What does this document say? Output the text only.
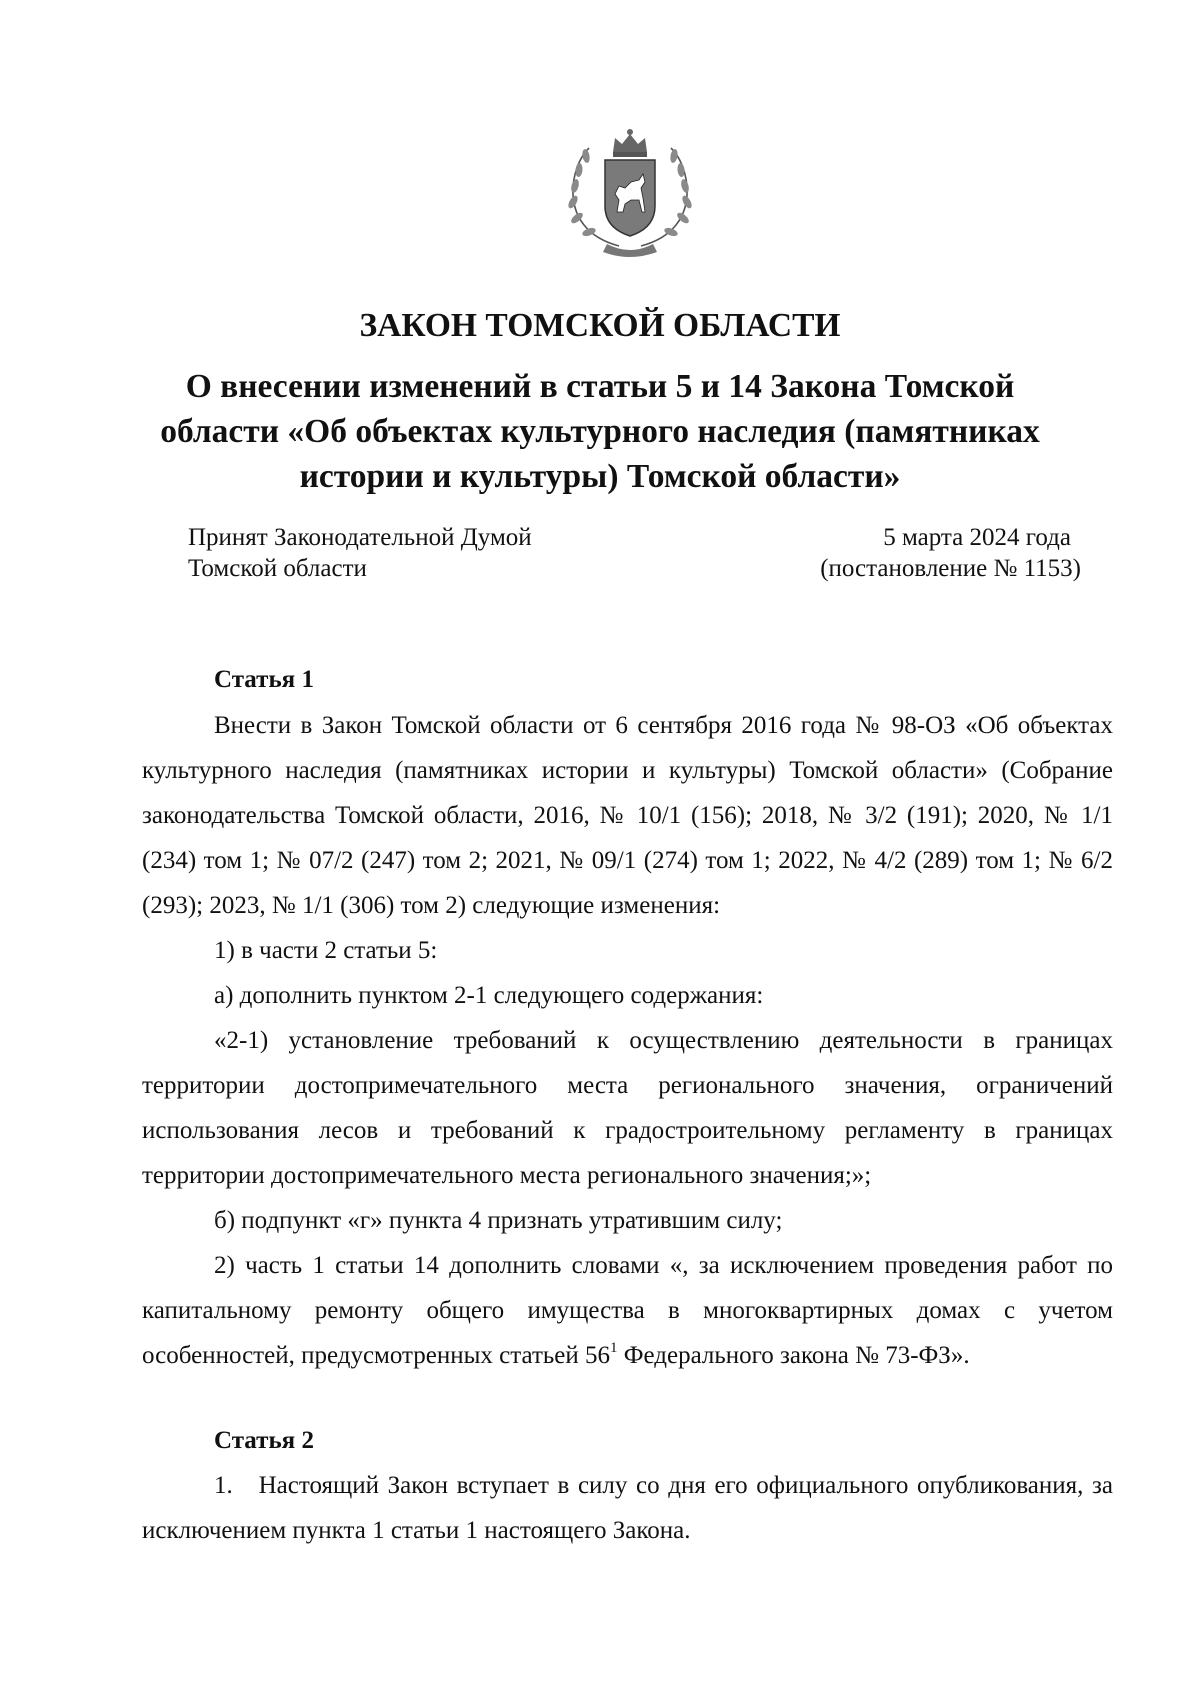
ЗАКОН ТОМСКОЙ ОБЛАСТИ
О внесении изменений в статьи 5 и 14 Закона Томской области «Об объектах культурного наследия (памятниках истории и культуры) Томской области»
Принят Законодательной Думой
Томской области
5 марта 2024 года
(постановление № 1153)
Статья 1

Внести в Закон Томской области от 6 сентября 2016 года № 98-ОЗ «Об объектах культурного наследия (памятниках истории и культуры) Томской области» (Собрание законодательства Томской области, 2016, № 10/1 (156); 2018, № 3/2 (191); 2020, № 1/1 (234) том 1; № 07/2 (247) том 2; 2021, № 09/1 (274) том 1; 2022, № 4/2 (289) том 1; № 6/2 (293); 2023, № 1/1 (306) том 2) следующие изменения:

1) в части 2 статьи 5:

а) дополнить пунктом 2-1 следующего содержания:

«2-1) установление требований к осуществлению деятельности в границах территории достопримечательного места регионального значения, ограничений использования лесов и требований к градостроительному регламенту в границах территории достопримечательного места регионального значения;»;

б) подпункт «г» пункта 4 признать утратившим силу;

2) часть 1 статьи 14 дополнить словами «, за исключением проведения работ по капитальному ремонту общего имущества в многоквартирных домах с учетом особенностей, предусмотренных статьей $56^1$ Федерального закона № 73-ФЗ».

Статья 2

1.   Настоящий Закон вступает в силу со дня его официального опубликования, за исключением пункта 1 статьи 1 настоящего Закона.
